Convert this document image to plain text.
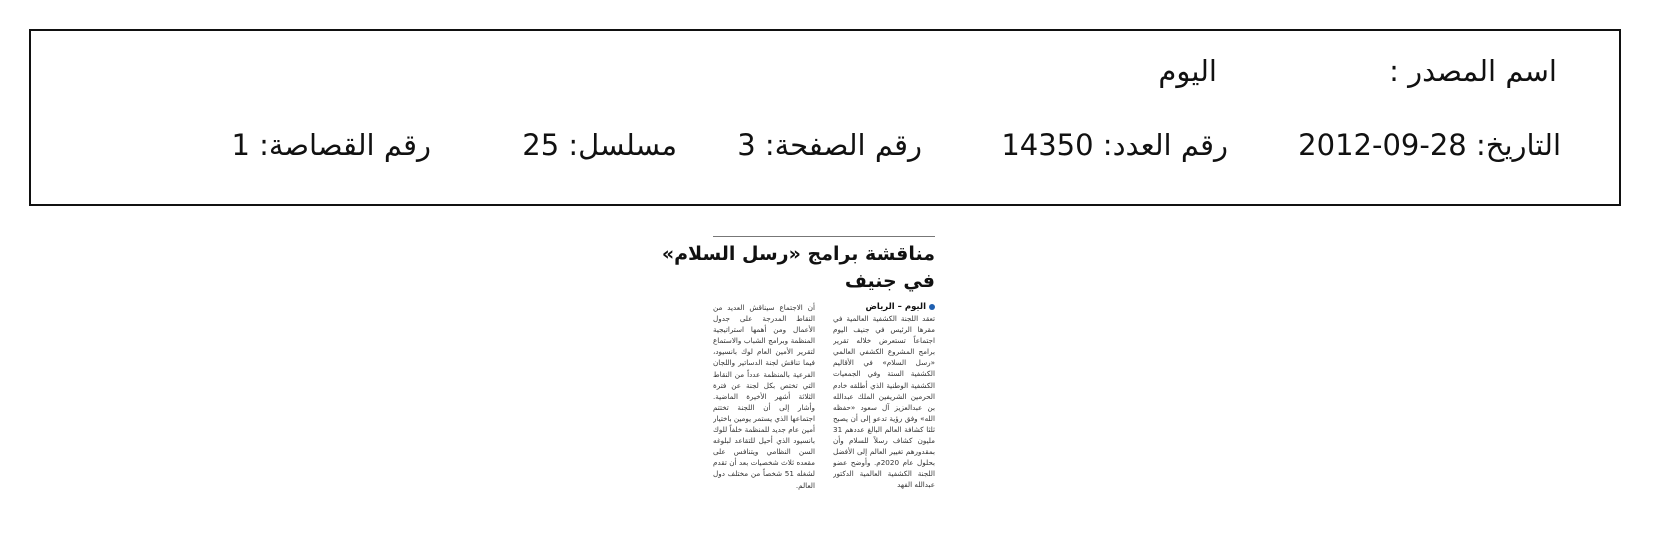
اسم المصدر :
اليوم
التاريخ: 28-09-2012
رقم العدد: 14350
رقم الصفحة: 3
مسلسل: 25
رقم القصاصة: 1
مناقشة برامج «رسل السلام»
في جنيف
اليوم – الرياض
تعقد اللجنة الكشفية العالمية في مقرها الرئيس في جنيف اليوم اجتماعاً تستعرض خلاله تقرير برامج المشروع الكشفي العالمي «رسل السلام» في الأقاليم الكشفية الستة وفي الجمعيات الكشفية الوطنية الذي أطلقه خادم الحرمين الشريفين الملك عبدالله بن عبدالعزيز آل سعود «حفظه الله» وفق رؤية تدعو إلى أن يصبح ثلثا كشافة العالم البالغ عددهم 31 مليون كشاف رسلاً للسلام وأن بمقدورهم تغيير العالم إلى الأفضل بحلول عام 2020م. وأوضح عضو اللجنة الكشفية العالمية الدكتور عبدالله الفهد
أن الاجتماع سيناقش العديد من النقاط المدرجة على جدول الأعمال ومن أهمها استراتيجية المنظمة وبرامج الشباب والاستماع لتقرير الأمين العام لوك بانسيود، فيما تناقش لجنة الدساتير واللجان الفرعية بالمنظمة عدداً من النقاط التي تختص بكل لجنة عن فترة الثلاثة أشهر الأخيرة الماضية. وأشار إلى أن اللجنة تختتم اجتماعها الذي يستمر يومين باختيار أمين عام جديد للمنظمة خلفاً للوك بانسيود الذي أحيل للتقاعد لبلوغه السن النظامي ويتنافس على مقعده ثلاث شخصيات بعد أن تقدم لشغله 51 شخصاً من مختلف دول العالم.
